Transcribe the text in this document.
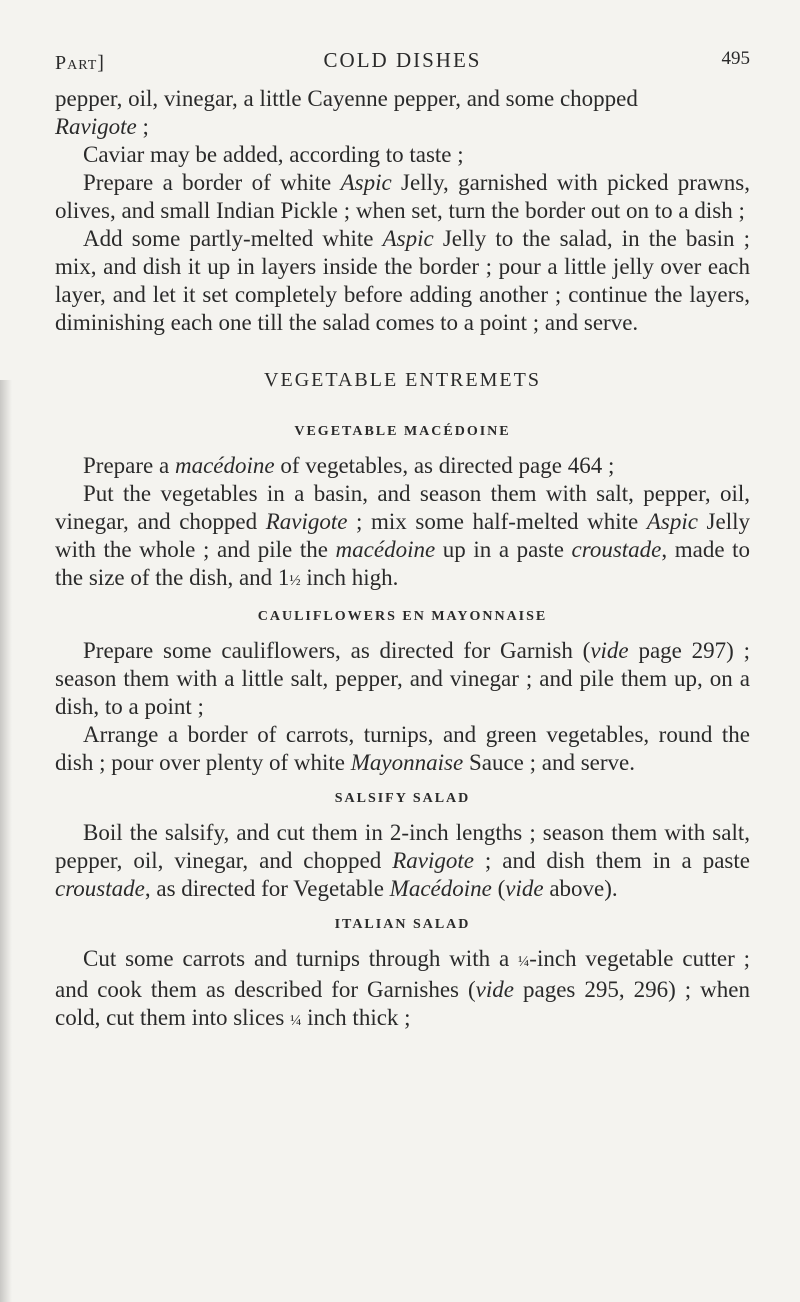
Part]	COLD DISHES	495

pepper, oil, vinegar, a little Cayenne pepper, and some chopped
Ravigote ;

Caviar may be added, according to taste ;

Prepare a border of white Aspic Jelly, garnished with picked prawns, olives, and small Indian Pickle ; when set, turn the border out on to a dish ;

Add some partly-melted white Aspic Jelly to the salad, in the basin ; mix, and dish it up in layers inside the border ; pour a little jelly over each layer, and let it set completely before adding another ; continue the layers, diminishing each one till the salad comes to a point ; and serve.

VEGETABLE ENTREMETS
VEGETABLE MACÉDOINE

Prepare a macédoine of vegetables, as directed page 464 ;

Put the vegetables in a basin, and season them with salt, pepper, oil, vinegar, and chopped Ravigote ; mix some half-melted white Aspic Jelly with the whole ; and pile the macédoine up in a paste croustade, made to the size of the dish, and 1½ inch high.

CAULIFLOWERS EN MAYONNAISE

Prepare some cauliflowers, as directed for Garnish (vide page 297) ; season them with a little salt, pepper, and vinegar ; and pile them up, on a dish, to a point ;

Arrange a border of carrots, turnips, and green vegetables, round the dish ; pour over plenty of white Mayonnaise Sauce ; and serve.

SALSIFY SALAD

Boil the salsify, and cut them in 2-inch lengths ; season them with salt, pepper, oil, vinegar, and chopped Ravigote ; and dish them in a paste croustade, as directed for Vegetable Macédoine (vide above).

ITALIAN SALAD

Cut some carrots and turnips through with a ¼-inch vegetable cutter ; and cook them as described for Garnishes (vide pages 295, 296) ; when cold, cut them into slices ¼ inch thick ;
